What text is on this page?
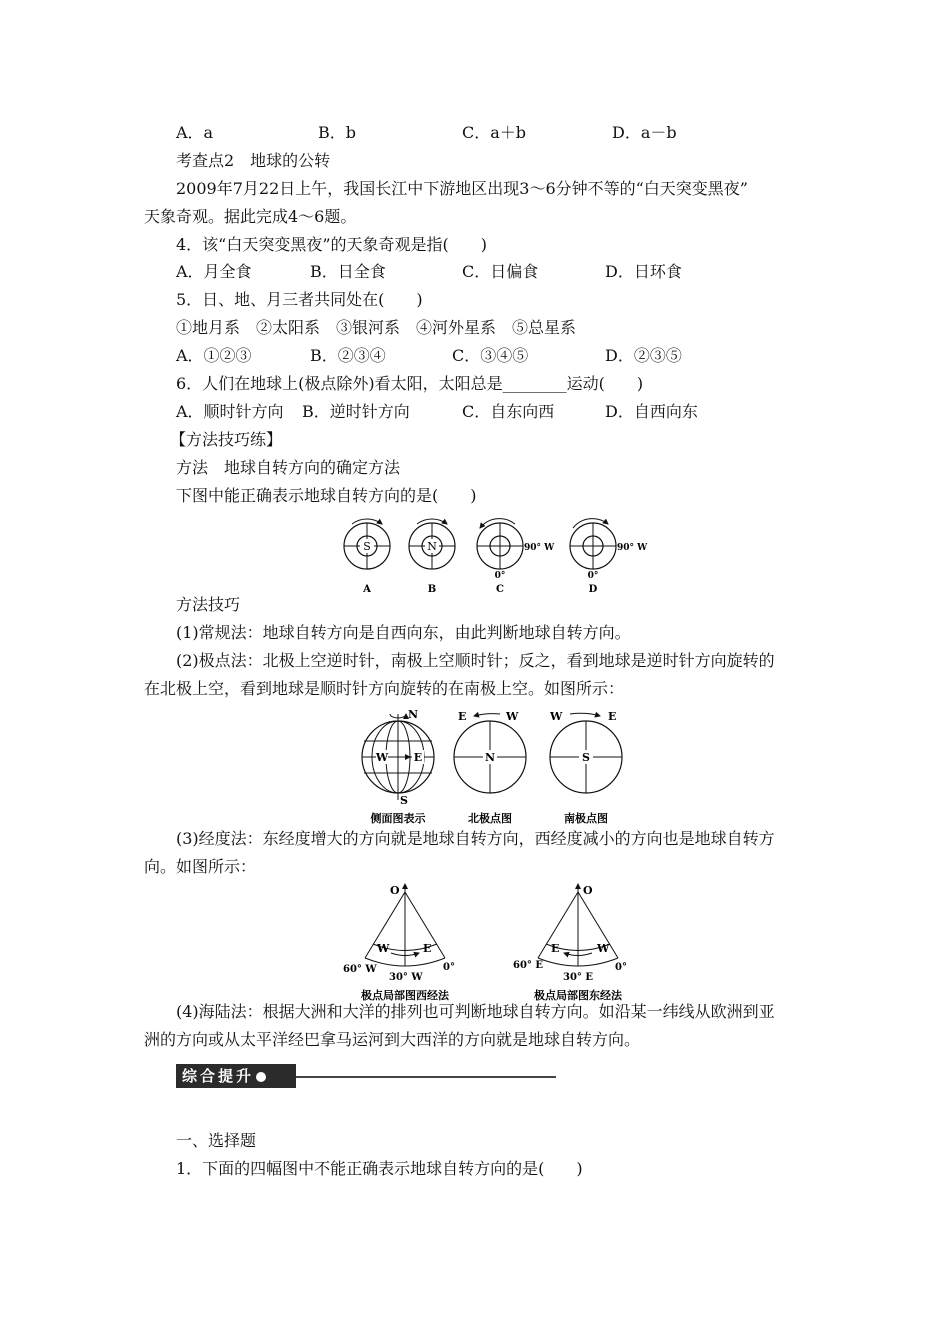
A．a	B．b	C．a＋b	D．a－b
考查点2　地球的公转
2009年7月22日上午，我国长江中下游地区出现3～6分钟不等的“白天突变黑夜”
天象奇观。据此完成4～6题。
4．该“白天突变黑夜”的天象奇观是指(　　)
A．月全食	B．日全食	C．日偏食	D．日环食
5．日、地、月三者共同处在(　　)
①地月系　②太阳系　③银河系　④河外星系　⑤总星系
A．①②③	B．②③④	C．③④⑤	D．②③⑤
6．人们在地球上(极点除外)看太阳，太阳总是________运动(　　)
A．顺时针方向 B．逆时针方向	C．自东向西	D．自西向东
【方法技巧练】
方法　地球自转方向的确定方法
下图中能正确表示地球自转方向的是(　　)
S
A
N
B
90° W
0°
C
90° W
0°
D
方法技巧
(1)常规法：地球自转方向是自西向东，由此判断地球自转方向。
(2)极点法：北极上空逆时针，南极上空顺时针；反之，看到地球是逆时针方向旋转的
在北极上空，看到地球是顺时针方向旋转的在南极上空。如图所示：
W E
N
S
侧面图表示
N
E	W
北极点图
S
W	E
南极点图
(3)经度法：东经度增大的方向就是地球自转方向，西经度减小的方向也是地球自转方
向。如图所示：
O
W	E
60° W
30° W
0°
极点局部图西经法
O
E	W
60° E
30° E
0°
极点局部图东经法
(4)海陆法：根据大洲和大洋的排列也可判断地球自转方向。如沿某一纬线从欧洲到亚
洲的方向或从太平洋经巴拿马运河到大西洋的方向就是地球自转方向。
综合提升
一、选择题
1．下面的四幅图中不能正确表示地球自转方向的是(　　)
